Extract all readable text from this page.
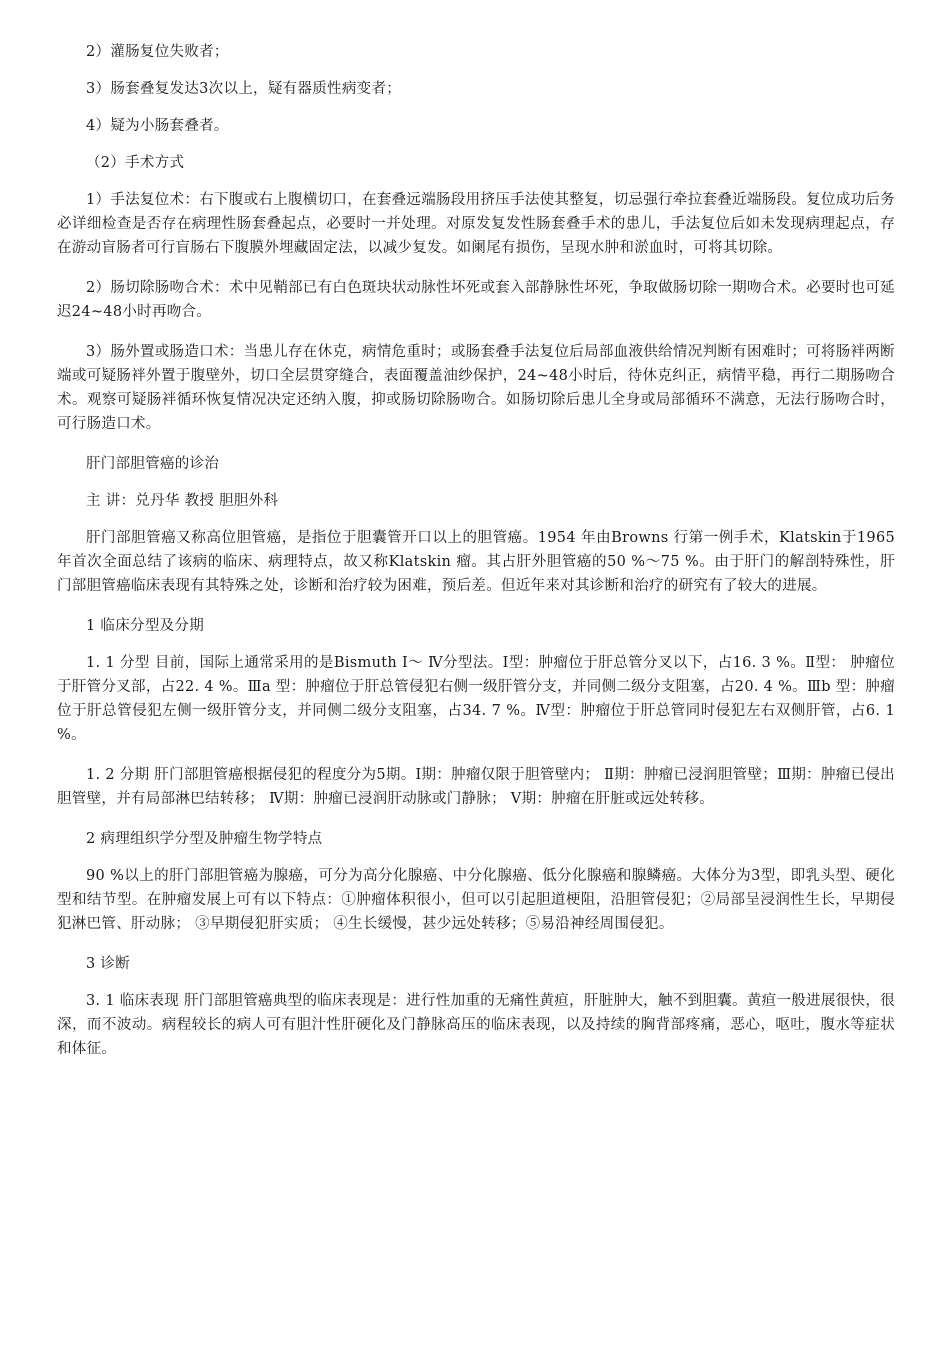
2）灌肠复位失败者；

3）肠套叠复发达3次以上，疑有器质性病变者；

4）疑为小肠套叠者。

（2）手术方式

1）手法复位术：右下腹或右上腹横切口，在套叠远端肠段用挤压手法使其整复，切忌强行牵拉套叠近端肠段。复位成功后务必详细检查是否存在病理性肠套叠起点，必要时一并处理。对原发复发性肠套叠手术的患儿，手法复位后如未发现病理起点，存在游动盲肠者可行盲肠右下腹膜外埋藏固定法，以减少复发。如阑尾有损伤，呈现水肿和淤血时，可将其切除。

2）肠切除肠吻合术：术中见鞘部已有白色斑块状动脉性坏死或套入部静脉性坏死，争取做肠切除一期吻合术。必要时也可延迟24~48小时再吻合。

3）肠外置或肠造口术：当患儿存在休克，病情危重时；或肠套叠手法复位后局部血液供给情况判断有困难时；可将肠袢两断端或可疑肠袢外置于腹壁外，切口全层贯穿缝合，表面覆盖油纱保护，24~48小时后，待休克纠正，病情平稳，再行二期肠吻合术。观察可疑肠袢循环恢复情况决定还纳入腹，抑或肠切除肠吻合。如肠切除后患儿全身或局部循环不满意，无法行肠吻合时，可行肠造口术。

肝门部胆管癌的诊治

主 讲：兑丹华 教授 胆胆外科

肝门部胆管癌又称高位胆管癌，是指位于胆囊管开口以上的胆管癌。1954 年由Browns 行第一例手术，Klatskin于1965 年首次全面总结了该病的临床、病理特点，故又称Klatskin 瘤。其占肝外胆管癌的50 %～75 %。由于肝门的解剖特殊性，肝门部胆管癌临床表现有其特殊之处，诊断和治疗较为困难，预后差。但近年来对其诊断和治疗的研究有了较大的进展。

1 临床分型及分期

1. 1 分型 目前，国际上通常采用的是Bismuth Ⅰ～ Ⅳ分型法。Ⅰ型：肿瘤位于肝总管分叉以下，占16. 3 %。Ⅱ型： 肿瘤位于肝管分叉部，占22. 4 %。Ⅲa 型：肿瘤位于肝总管侵犯右侧一级肝管分支，并同侧二级分支阻塞，占20. 4 %。Ⅲb 型：肿瘤位于肝总管侵犯左侧一级肝管分支，并同侧二级分支阻塞，占34. 7 %。Ⅳ型：肿瘤位于肝总管同时侵犯左右双侧肝管，占6. 1 %。

1. 2 分期 肝门部胆管癌根据侵犯的程度分为5期。Ⅰ期：肿瘤仅限于胆管壁内； Ⅱ期：肿瘤已浸润胆管壁；Ⅲ期：肿瘤已侵出胆管壁，并有局部淋巴结转移； Ⅳ期：肿瘤已浸润肝动脉或门静脉； Ⅴ期：肿瘤在肝脏或远处转移。

2 病理组织学分型及肿瘤生物学特点

90 %以上的肝门部胆管癌为腺癌，可分为高分化腺癌、中分化腺癌、低分化腺癌和腺鳞癌。大体分为3型，即乳头型、硬化型和结节型。在肿瘤发展上可有以下特点：①肿瘤体积很小，但可以引起胆道梗阻，沿胆管侵犯；②局部呈浸润性生长，早期侵犯淋巴管、肝动脉； ③早期侵犯肝实质； ④生长缓慢，甚少远处转移；⑤易沿神经周围侵犯。

3 诊断

3. 1 临床表现 肝门部胆管癌典型的临床表现是：进行性加重的无痛性黄疸，肝脏肿大，触不到胆囊。黄疸一般进展很快，很深，而不波动。病程较长的病人可有胆汁性肝硬化及门静脉高压的临床表现，以及持续的胸背部疼痛，恶心，呕吐，腹水等症状和体征。
